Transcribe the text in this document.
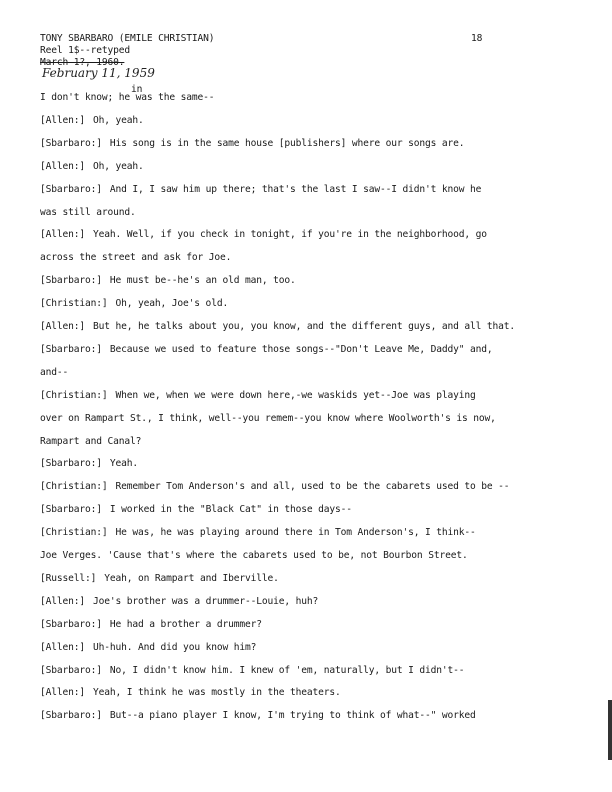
TONY SBARBARO (EMILE CHRISTIAN)	18
Reel 1$--retyped
March 1?, 1960.
February 11, 1959
in
I don't know; he was the same--
[ Allen: ] Oh, yeah.
[ Sbarbaro: ] His song is in the same house [publishers] where our songs are.
[ Allen: ] Oh, yeah.
[ Sbarbaro: ] And I, I saw him up there; that's the last I saw--I didn't know he
was still around.
[ Allen: ] Yeah. Well, if you check in tonight, if you're in the neighborhood, go
across the street and ask for Joe.
[ Sbarbaro: ] He must be--he's an old man, too.
[ Christian: ] Oh, yeah, Joe's old.
[ Allen: ] But he, he talks about you, you know, and the different guys, and all that.
[ Sbarbaro: ] Because we used to feature those songs--"Don't Leave Me, Daddy" and,
and--
[ Christian: ] When we, when we were down here,-we waskids yet--Joe was playing
over on Rampart St., I think, well--you remem--you know where Woolworth's is now,
Rampart and Canal?
[ Sbarbaro: ] Yeah.
[ Christian: ] Remember Tom Anderson's and all, used to be the cabarets used to be --
[ Sbarbaro: ] I worked in the "Black Cat" in those days--
[ Christian: ] He was, he was playing around there in Tom Anderson's, I think--
Joe Verges. 'Cause that's where the cabarets used to be, not Bourbon Street.
[ Russell: ] Yeah, on Rampart and Iberville.
[ Allen: ] Joe's brother was a drummer--Louie, huh?
[ Sbarbaro: ] He had a brother a drummer?
[ Allen: ] Uh-huh. And did you know him?
[ Sbarbaro: ] No, I didn't know him. I knew of 'em, naturally, but I didn't--
[ Allen: ] Yeah, I think he was mostly in the theaters.
[ Sbarbaro: ] But--a piano player I know, I'm trying to think of what--" worked
